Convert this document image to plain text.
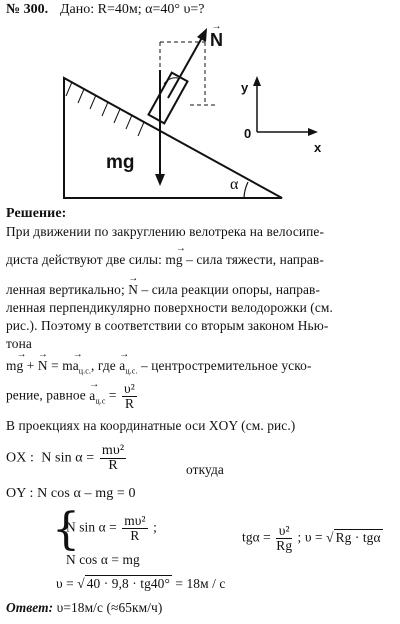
№ 300. Дано: R=40м; α=40° υ=?
→ N
mg
α
y
x
0
Решение:
При движении по закруглению велотрека на велосипе-
диста действуют две силы: m→ g – сила тяжести, направ-
ленная вертикально; → N – сила реакции опоры, направ-
ленная перпендикулярно поверхности велодорожки (см.
рис.). Поэтому в соответствии со вторым законом Нью-
тона
m→ g + → $N = m\to a_{ц.с.}$, где → $a_{ц.с.}$ – центростремительное уско-
рение, равное → $a_{ц.с} = \frac{\text{υ²}}{R}$
В проекциях на координатные оси XOY (см. рис.)
OX : N $\sin \alpha = \frac{\text{mυ²}}{R}$	откуда
OY : N cos α – mg = 0
{
N $\sin \alpha = \frac{\text{mυ²}}{R}$ ;
N cos α = mg
$tg\alpha = \frac{\text{υ²}}{Rg}$ ; υ = √ Rg · tgα
υ = √ 40 · 9,8 · tg40° = 18м / с
Ответ: υ=18м/с (≈65км/ч)
